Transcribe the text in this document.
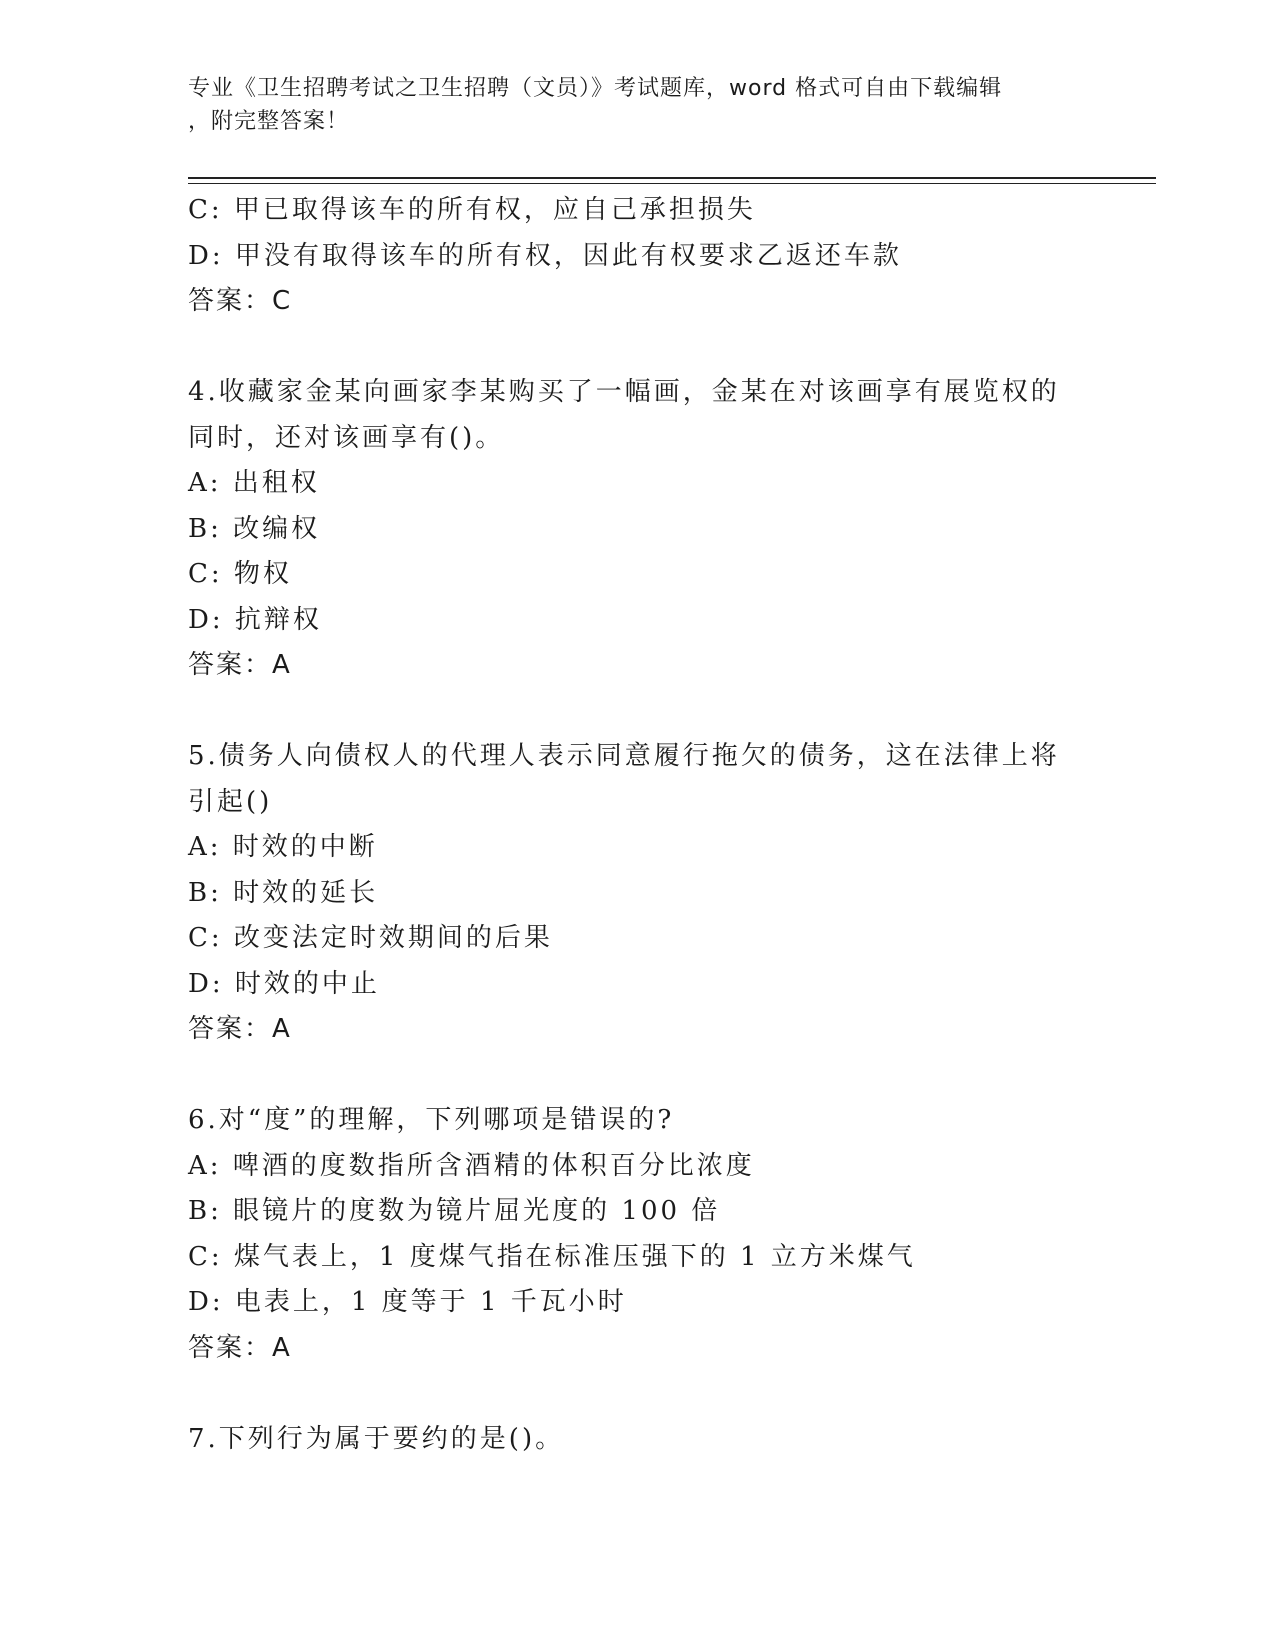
专业《卫生招聘考试之卫生招聘（文员）》考试题库，word 格式可自由下载编辑
，附完整答案！
C: 甲已取得该车的所有权，应自己承担损失
D: 甲没有取得该车的所有权，因此有权要求乙返还车款
答案：C
4.收藏家金某向画家李某购买了一幅画，金某在对该画享有展览权的
同时，还对该画享有()。
A: 出租权
B: 改编权
C: 物权
D: 抗辩权
答案：A
5.债务人向债权人的代理人表示同意履行拖欠的债务，这在法律上将
引起()
A: 时效的中断
B: 时效的延长
C: 改变法定时效期间的后果
D: 时效的中止
答案：A
6.对“度”的理解，下列哪项是错误的?
A: 啤酒的度数指所含酒精的体积百分比浓度
B: 眼镜片的度数为镜片屈光度的 100 倍
C: 煤气表上，1 度煤气指在标准压强下的 1 立方米煤气
D: 电表上，1 度等于 1 千瓦小时
答案：A
7.下列行为属于要约的是()。
